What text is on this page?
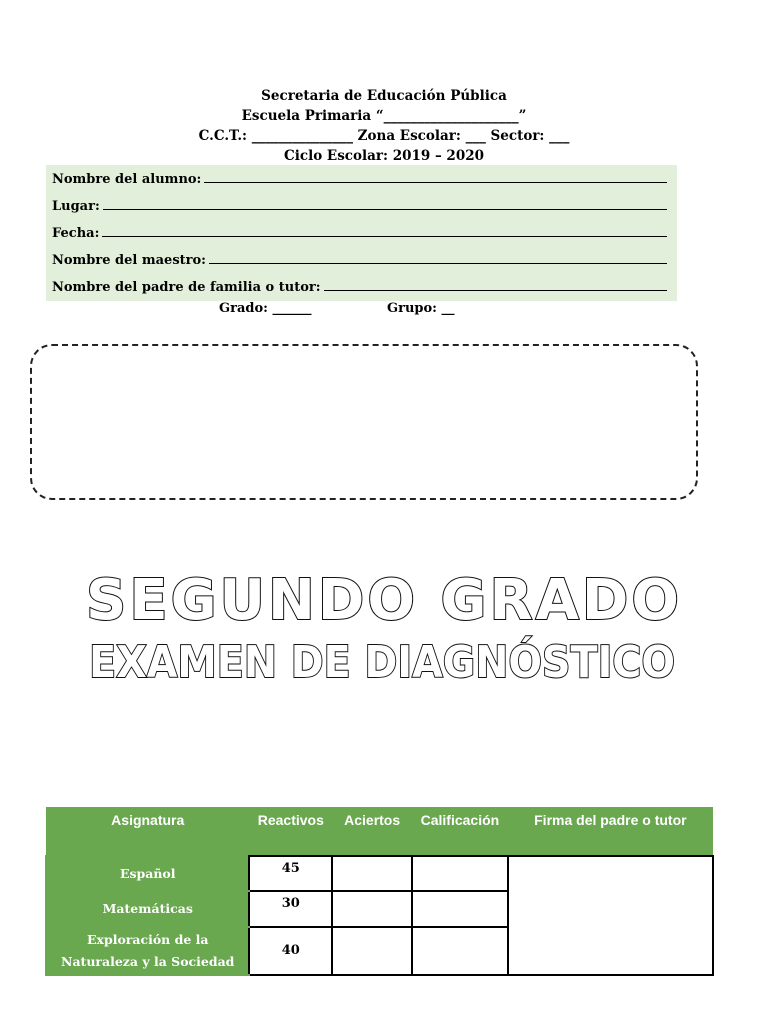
Secretaria de Educación Pública
Escuela Primaria “____________________”
C.C.T.: _______________ Zona Escolar: ___ Sector: ___
Ciclo Escolar: 2019 – 2020
Nombre del alumno:
Lugar:
Fecha:
Nombre del maestro:
Nombre del padre de familia o tutor:
Grado: ______	Grupo: __
SEGUNDO GRADO
EXAMEN DE DIAGNÓSTICO
Asignatura	Reactivos	Aciertos	Calificación	Firma del padre o tutor
Español	45			
Matemáticas	30			
Exploración de la Naturaleza y la Sociedad	40			
